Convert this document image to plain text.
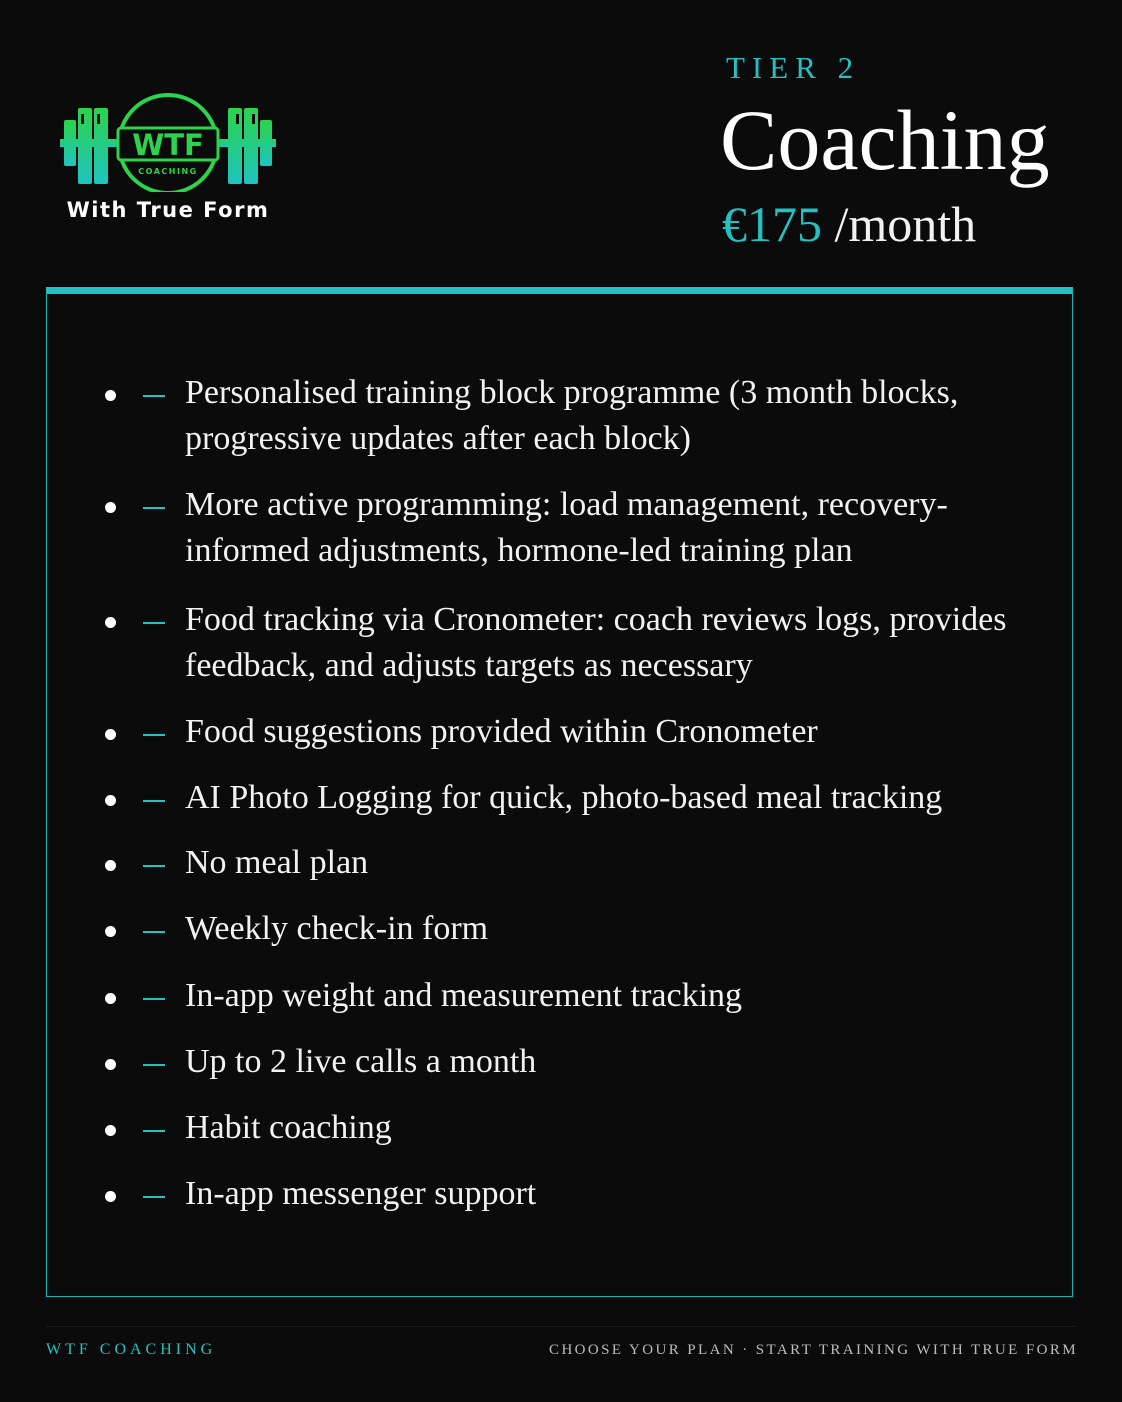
WTF
COACHING
With True Form
TIER 2
Coaching
€175 /month
Personalised training block programme (3 month blocks, progressive updates after each block)
More active programming: load management, recovery-informed adjustments, hormone-led training plan
Food tracking via Cronometer: coach reviews logs, provides feedback, and adjusts targets as necessary
Food suggestions provided within Cronometer
AI Photo Logging for quick, photo-based meal tracking
No meal plan
Weekly check-in form
In-app weight and measurement tracking
Up to 2 live calls a month
Habit coaching
In-app messenger support
WTF COACHING	CHOOSE YOUR PLAN · START TRAINING WITH TRUE FORM
